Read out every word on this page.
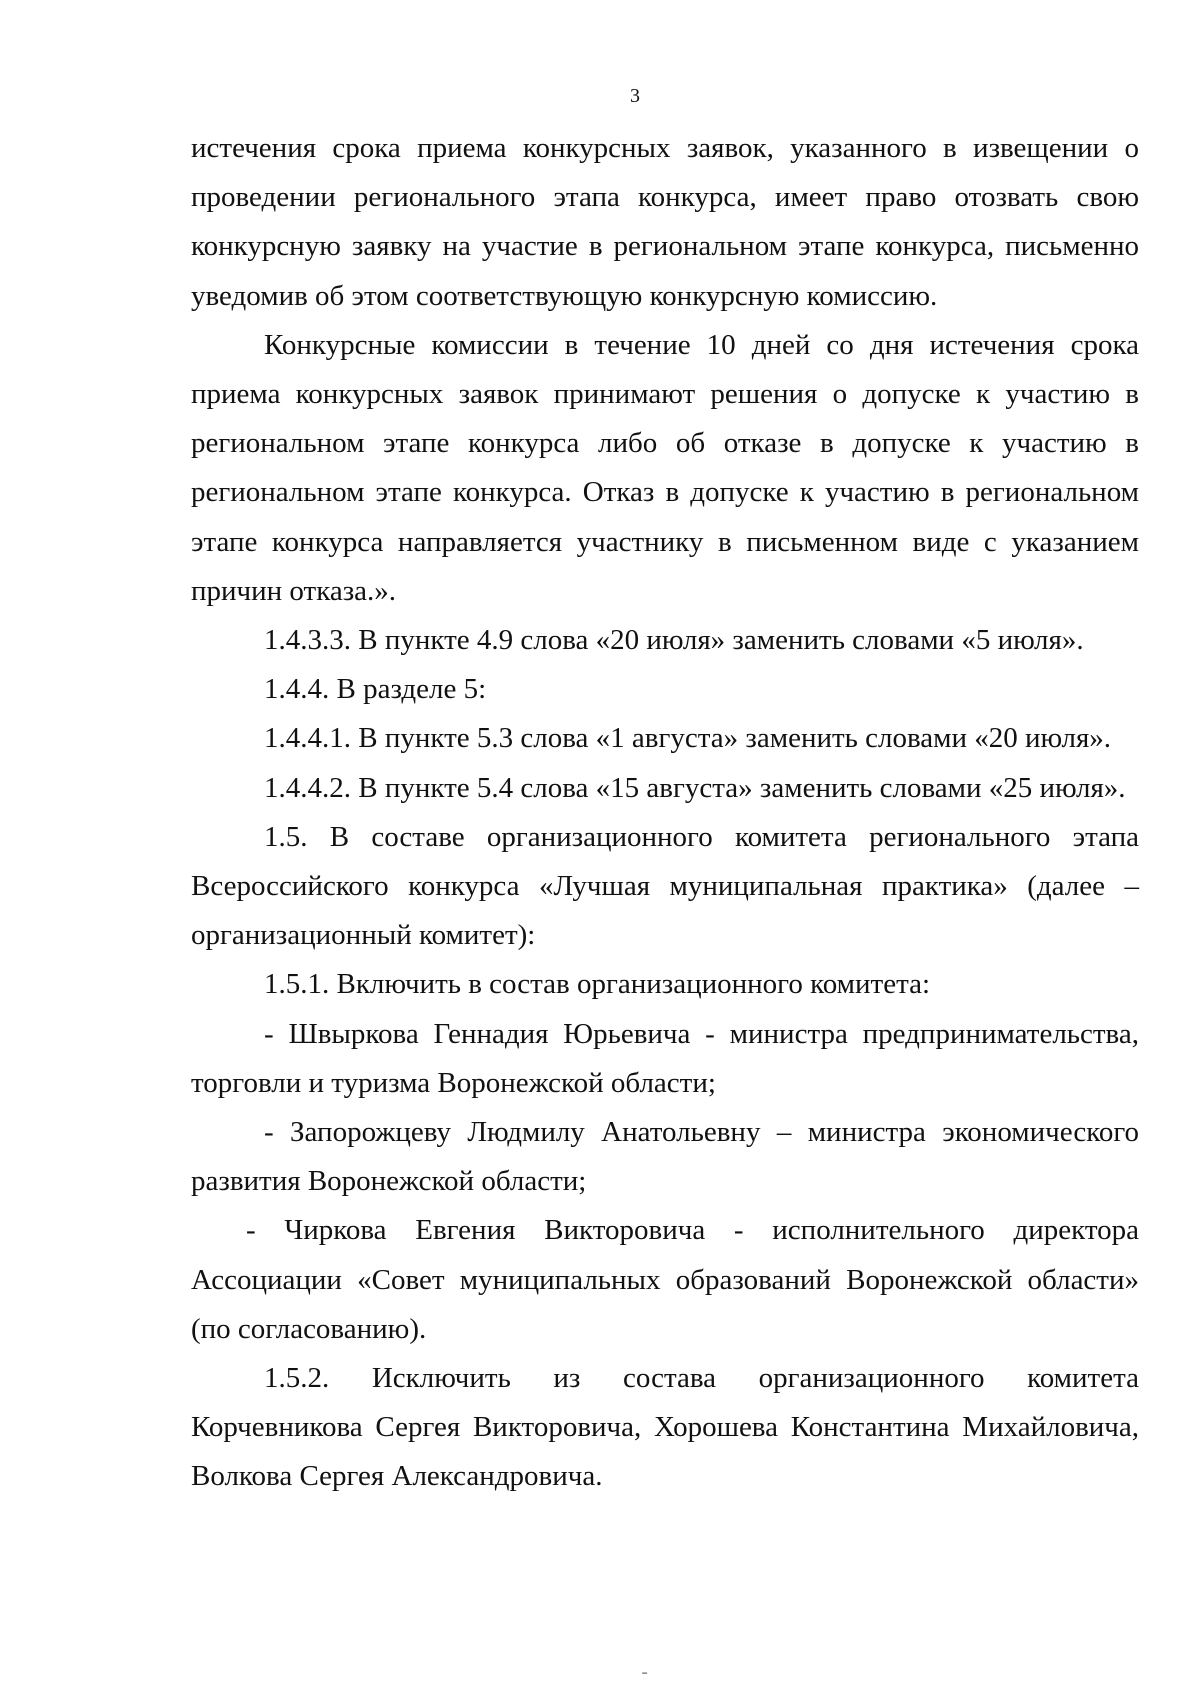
3

истечения срока приема конкурсных заявок, указанного в извещении о проведении регионального этапа конкурса, имеет право отозвать свою конкурсную заявку на участие в региональном этапе конкурса, письменно уведомив об этом соответствующую конкурсную комиссию.

Конкурсные комиссии в течение 10 дней со дня истечения срока приема конкурсных заявок принимают решения о допуске к участию в региональном этапе конкурса либо об отказе в допуске к участию в региональном этапе конкурса. Отказ в допуске к участию в региональном этапе конкурса направляется участнику в письменном виде с указанием причин отказа.».

1.4.3.3. В пункте 4.9 слова «20 июля» заменить словами «5 июля».

1.4.4. В разделе 5:

1.4.4.1. В пункте 5.3 слова «1 августа» заменить словами «20 июля».

1.4.4.2. В пункте 5.4 слова «15 августа» заменить словами «25 июля».

1.5. В составе организационного комитета регионального этапа Всероссийского конкурса «Лучшая муниципальная практика» (далее – организационный комитет):

1.5.1. Включить в состав организационного комитета:

- Швыркова Геннадия Юрьевича - министра предпринимательства, торговли и туризма Воронежской области;

- Запорожцеву Людмилу Анатольевну – министра экономического развития Воронежской области;

- Чиркова Евгения Викторовича - исполнительного директора Ассоциации «Совет муниципальных образований Воронежской области» (по согласованию).

1.5.2. Исключить из состава организационного комитета Корчевникова Сергея Викторовича, Хорошева Константина Михайловича, Волкова Сергея Александровича.

˗
